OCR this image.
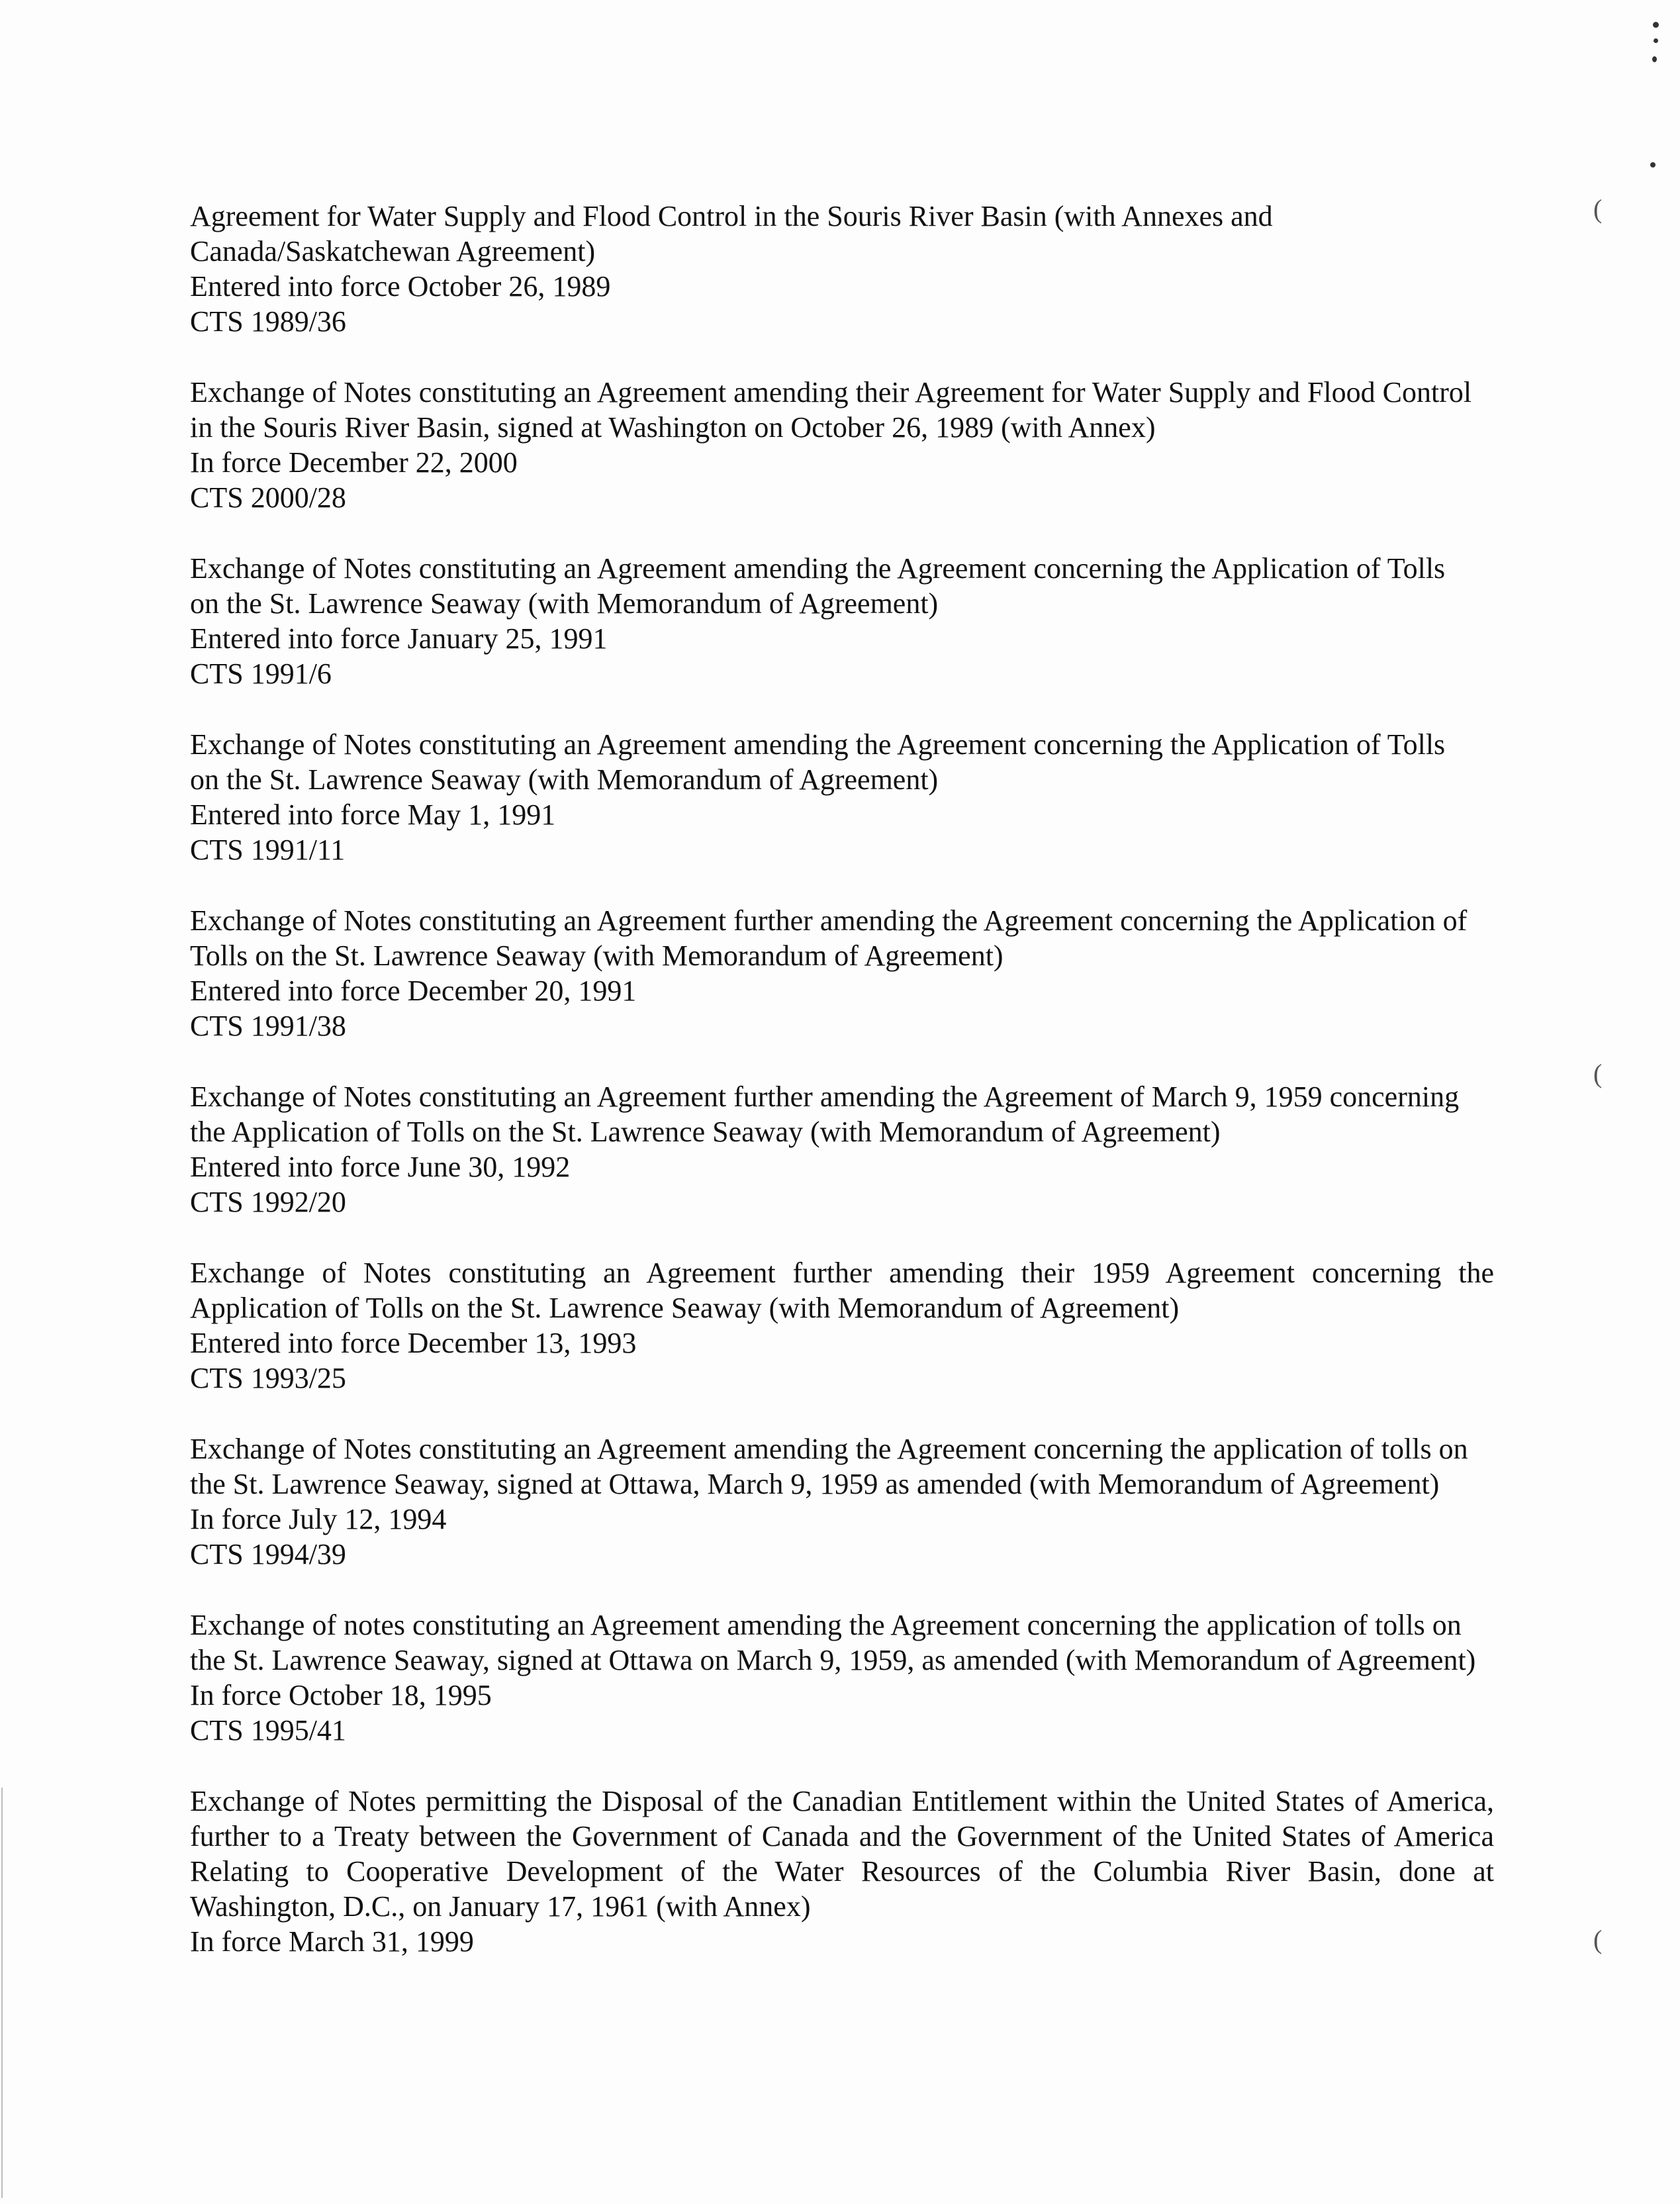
(
(
(
Agreement for Water Supply and Flood Control in the Souris River Basin (with Annexes and
Canada/Saskatchewan Agreement)
Entered into force October 26, 1989
CTS 1989/36
Exchange of Notes constituting an Agreement amending their Agreement for Water Supply and Flood Control
in the Souris River Basin, signed at Washington on October 26, 1989 (with Annex)
In force December 22, 2000
CTS 2000/28
Exchange of Notes constituting an Agreement amending the Agreement concerning the Application of Tolls
on the St. Lawrence Seaway (with Memorandum of Agreement)
Entered into force January 25, 1991
CTS 1991/6
Exchange of Notes constituting an Agreement amending the Agreement concerning the Application of Tolls
on the St. Lawrence Seaway (with Memorandum of Agreement)
Entered into force May 1, 1991
CTS 1991/11
Exchange of Notes constituting an Agreement further amending the Agreement concerning the Application of
Tolls on the St. Lawrence Seaway (with Memorandum of Agreement)
Entered into force December 20, 1991
CTS 1991/38
Exchange of Notes constituting an Agreement further amending the Agreement of March 9, 1959 concerning
the Application of Tolls on the St. Lawrence Seaway (with Memorandum of Agreement)
Entered into force June 30, 1992
CTS 1992/20
Exchange of Notes constituting an Agreement further amending their 1959 Agreement concerning the
Application of Tolls on the St. Lawrence Seaway (with Memorandum of Agreement)
Entered into force December 13, 1993
CTS 1993/25
Exchange of Notes constituting an Agreement amending the Agreement concerning the application of tolls on
the St. Lawrence Seaway, signed at Ottawa, March 9, 1959 as amended (with Memorandum of Agreement)
In force July 12, 1994
CTS 1994/39
Exchange of notes constituting an Agreement amending the Agreement concerning the application of tolls on
the St. Lawrence Seaway, signed at Ottawa on March 9, 1959, as amended (with Memorandum of Agreement)
In force October 18, 1995
CTS 1995/41
Exchange of Notes permitting the Disposal of the Canadian Entitlement within the United States of America,
further to a Treaty between the Government of Canada and the Government of the United States of America
Relating to Cooperative Development of the Water Resources of the Columbia River Basin, done at
Washington, D.C., on January 17, 1961 (with Annex)
In force March 31, 1999
